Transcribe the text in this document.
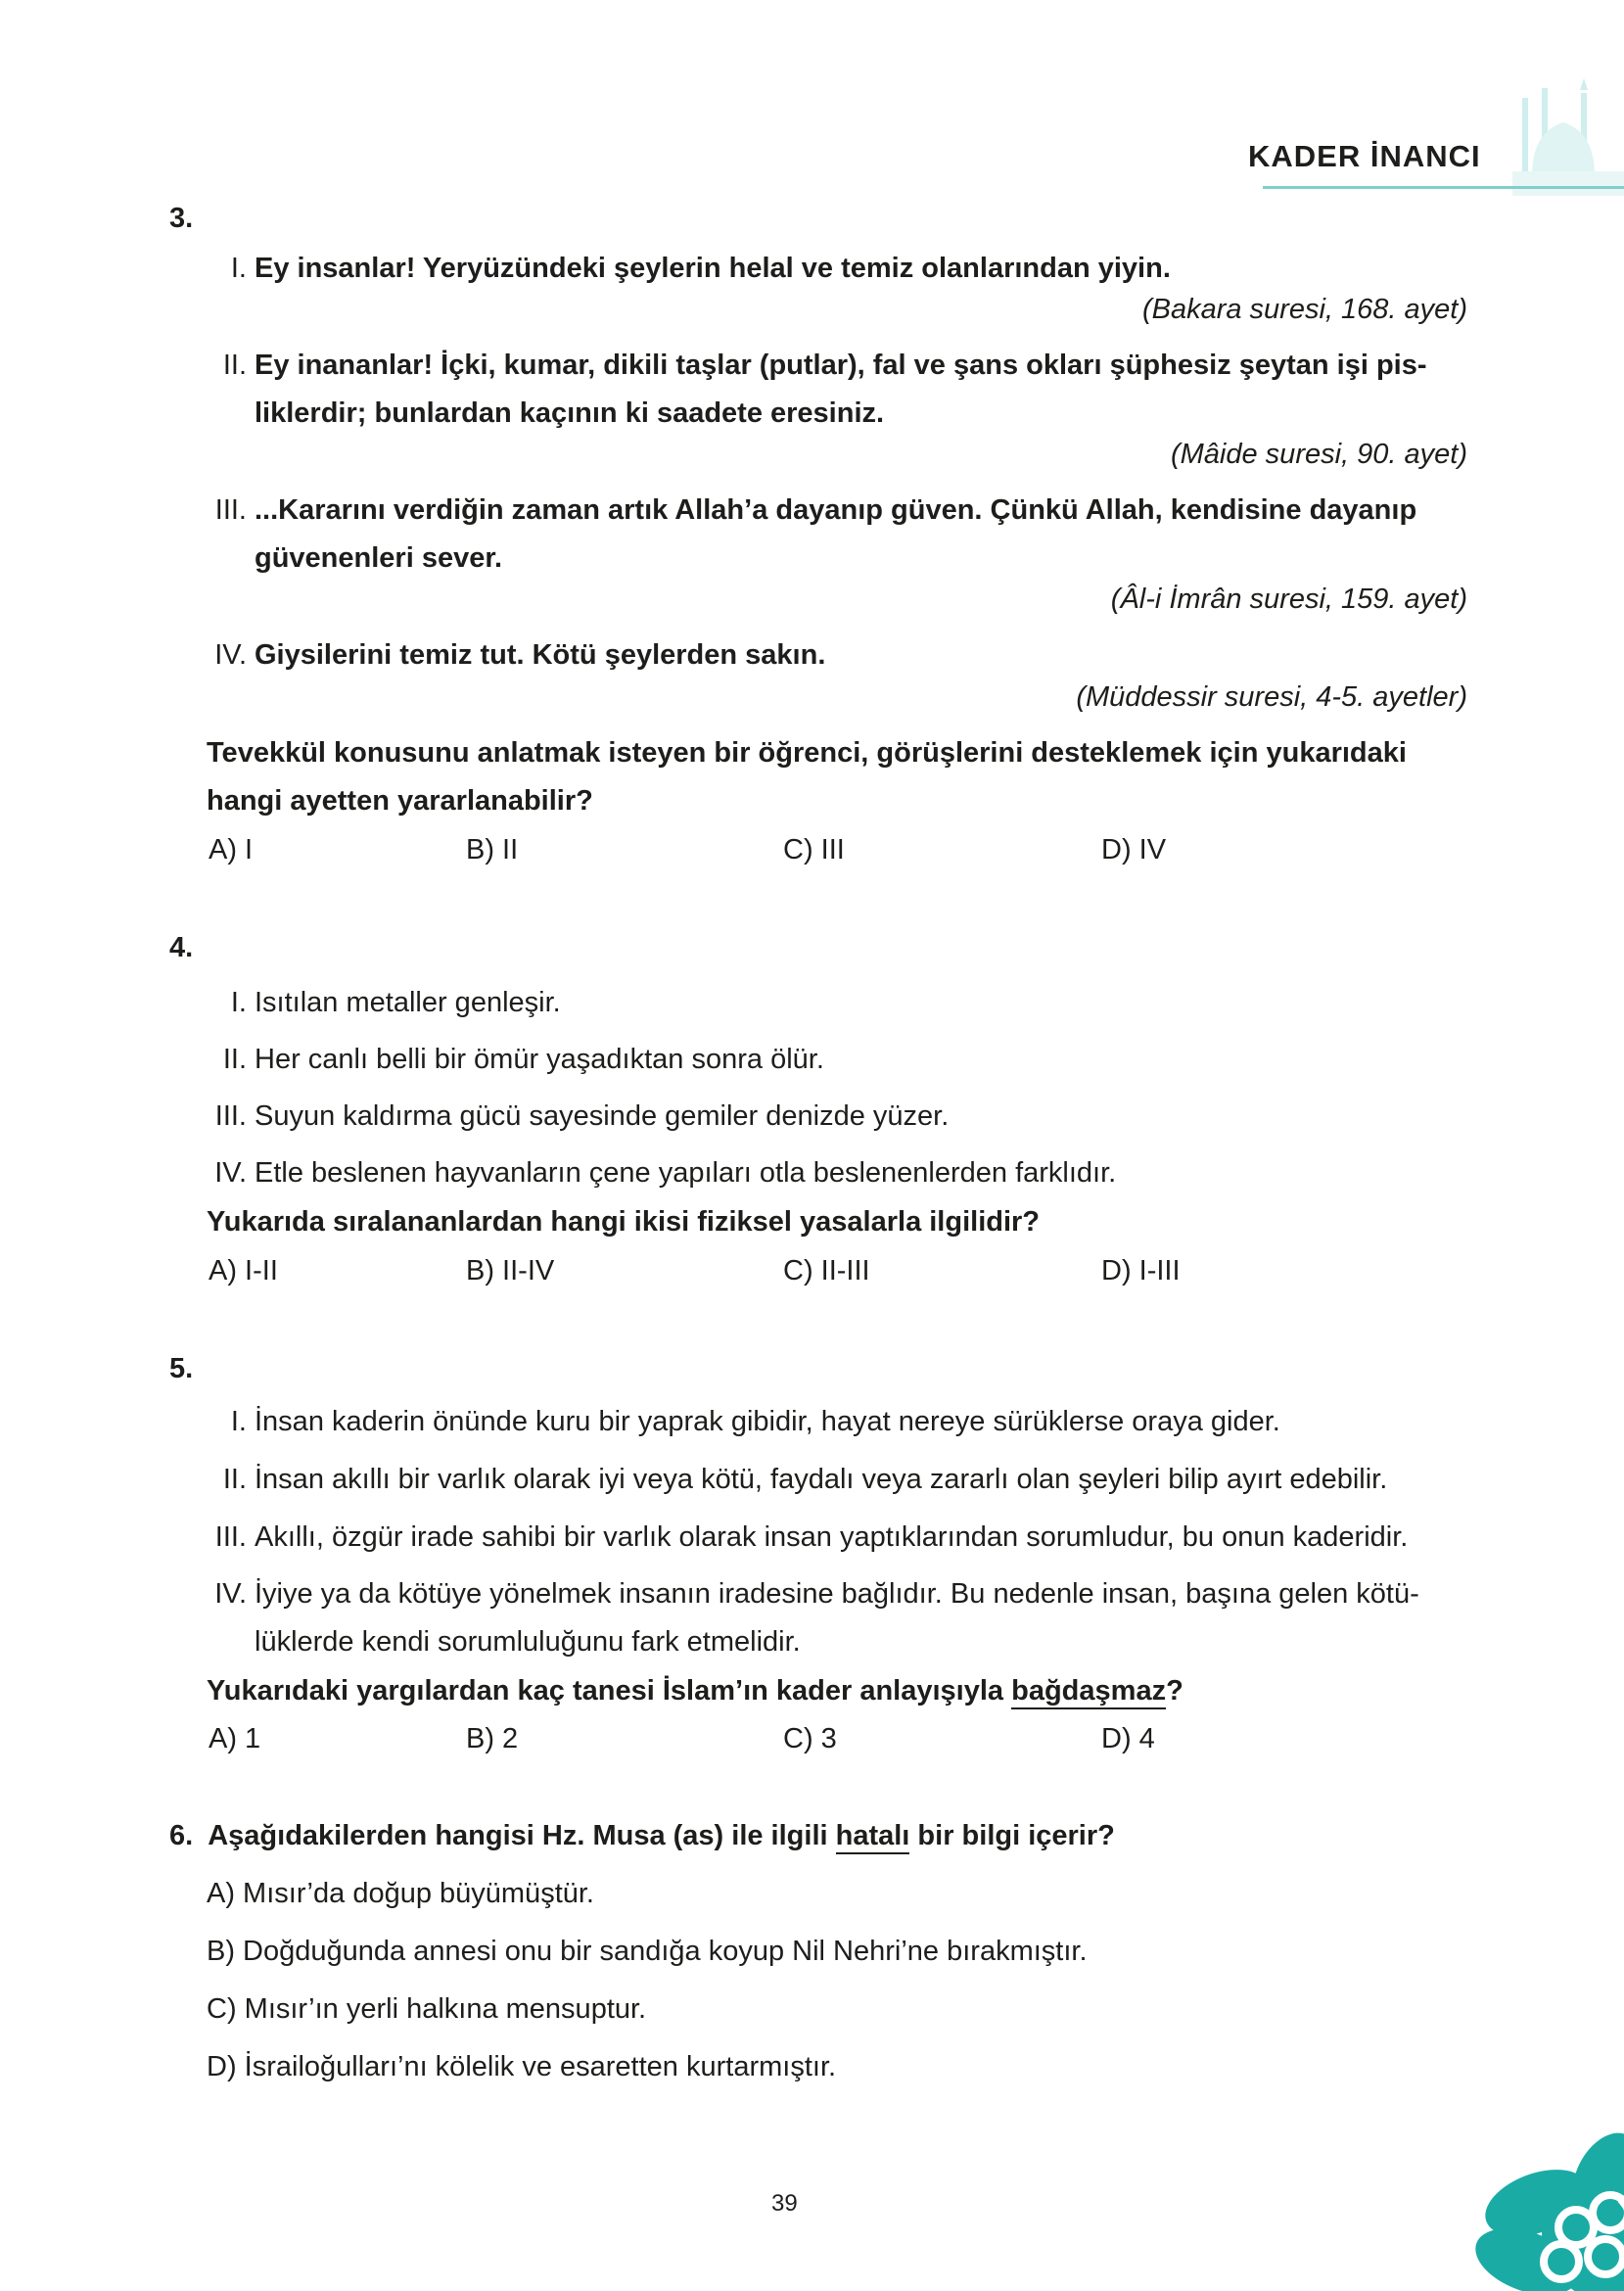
KADER İNANCI
3.
I. Ey insanlar! Yeryüzündeki şeylerin helal ve temiz olanlarından yiyin.
(Bakara suresi, 168. ayet)
II. Ey inananlar! İçki, kumar, dikili taşlar (putlar), fal ve şans okları şüphesiz şeytan işi pis-
liklerdir; bunlardan kaçının ki saadete eresiniz.
(Mâide suresi, 90. ayet)
III. ...Kararını verdiğin zaman artık Allah’a dayanıp güven. Çünkü Allah, kendisine dayanıp
güvenenleri sever.
(Âl-i İmrân suresi, 159. ayet)
IV. Giysilerini temiz tut. Kötü şeylerden sakın.
(Müddessir suresi, 4-5. ayetler)
Tevekkül konusunu anlatmak isteyen bir öğrenci, görüşlerini desteklemek için yukarıdaki
hangi ayetten yararlanabilir?
A) I	B) II	C) III	D) IV
4.
I. Isıtılan metaller genleşir.
II. Her canlı belli bir ömür yaşadıktan sonra ölür.
III. Suyun kaldırma gücü sayesinde gemiler denizde yüzer.
IV. Etle beslenen hayvanların çene yapıları otla beslenenlerden farklıdır.
Yukarıda sıralananlardan hangi ikisi fiziksel yasalarla ilgilidir?
A) I-II	B) II-IV	C) II-III	D) I-III
5.
I. İnsan kaderin önünde kuru bir yaprak gibidir, hayat nereye sürüklerse oraya gider.
II. İnsan akıllı bir varlık olarak iyi veya kötü, faydalı veya zararlı olan şeyleri bilip ayırt edebilir.
III. Akıllı, özgür irade sahibi bir varlık olarak insan yaptıklarından sorumludur, bu onun kaderidir.
IV. İyiye ya da kötüye yönelmek insanın iradesine bağlıdır. Bu nedenle insan, başına gelen kötü-
lüklerde kendi sorumluluğunu fark etmelidir.
Yukarıdaki yargılardan kaç tanesi İslam’ın kader anlayışıyla bağdaşmaz?
A) 1	B) 2	C) 3	D) 4
6. Aşağıdakilerden hangisi Hz. Musa (as) ile ilgili hatalı bir bilgi içerir?
A) Mısır’da doğup büyümüştür.
B) Doğduğunda annesi onu bir sandığa koyup Nil Nehri’ne bırakmıştır.
C) Mısır’ın yerli halkına mensuptur.
D) İsrailoğulları’nı kölelik ve esaretten kurtarmıştır.
39
